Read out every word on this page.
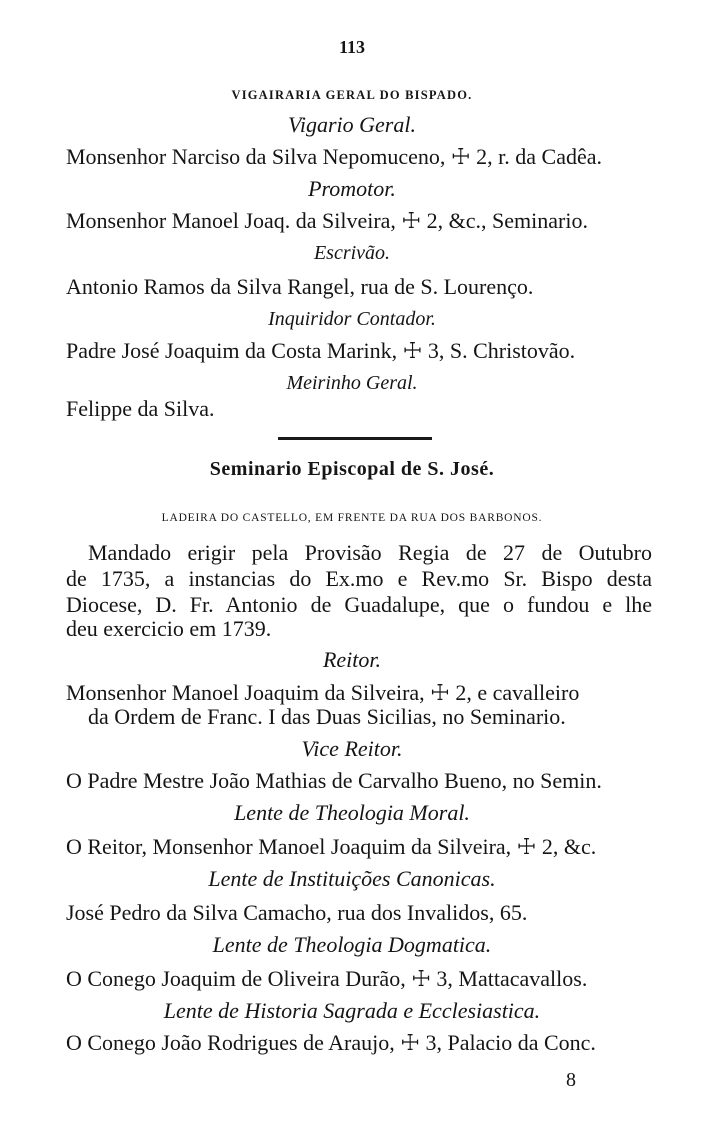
113
VIGAIRARIA GERAL DO BISPADO.
Vigario Geral.
Monsenhor Narciso da Silva Nepomuceno, ☩ 2, r. da Cadêa.
Promotor.
Monsenhor Manoel Joaq. da Silveira, ☩ 2, &c., Seminario.
Escrivão.
Antonio Ramos da Silva Rangel, rua de S. Lourenço.
Inquiridor Contador.
Padre José Joaquim da Costa Marink, ☩ 3, S. Christovão.
Meirinho Geral.
Felippe da Silva.
Seminario Episcopal de S. José.
LADEIRA DO CASTELLO, EM FRENTE DA RUA DOS BARBONOS.
Mandado erigir pela Provisão Regia de 27 de Outubro
de 1735, a instancias do Ex.mo e Rev.mo Sr. Bispo desta
Diocese, D. Fr. Antonio de Guadalupe, que o fundou e lhe
deu exercicio em 1739.
Reitor.
Monsenhor Manoel Joaquim da Silveira, ☩ 2, e cavalleiro
da Ordem de Franc. I das Duas Sicilias, no Seminario.
Vice Reitor.
O Padre Mestre João Mathias de Carvalho Bueno, no Semin.
Lente de Theologia Moral.
O Reitor, Monsenhor Manoel Joaquim da Silveira, ☩ 2, &c.
Lente de Instituições Canonicas.
José Pedro da Silva Camacho, rua dos Invalidos, 65.
Lente de Theologia Dogmatica.
O Conego Joaquim de Oliveira Durão, ☩ 3, Mattacavallos.
Lente de Historia Sagrada e Ecclesiastica.
O Conego João Rodrigues de Araujo, ☩ 3, Palacio da Conc.
8
